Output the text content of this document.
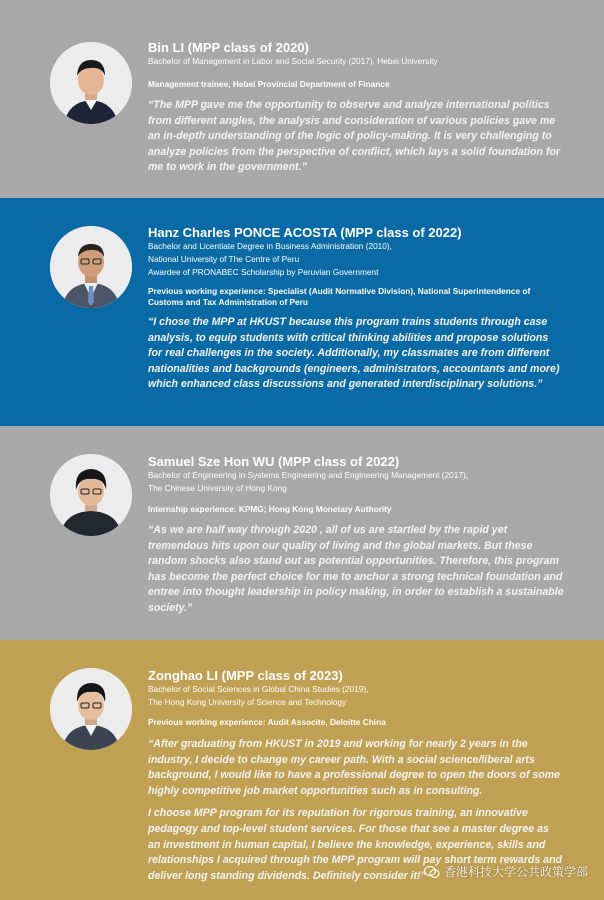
Bin LI (MPP class of 2020)

Bachelor of Management in Labor and Social Security (2017), Hebei University

Management trainee, Hebei Provincial Department of Finance

“The MPP gave me the opportunity to observe and analyze international politics from different angles, the analysis and consideration of various policies gave me an in-depth understanding of the logic of policy-making. It is very challenging to analyze policies from the perspective of conflict, which lays a solid foundation for me to work in the government.”

Hanz Charles PONCE ACOSTA (MPP class of 2022)

Bachelor and Licentiate Degree in Business Administration (2010),

National University of The Centre of Peru

Awardee of PRONABEC Scholarship by Peruvian Government

Previous working experience: Specialist (Audit Normative Division), National Superintendence of Customs and Tax Administration of Peru

“I chose the MPP at HKUST because this program trains students through case analysis, to equip students with critical thinking abilities and propose solutions for real challenges in the society. Additionally, my classmates are from different nationalities and backgrounds (engineers, administrators, accountants and more) which enhanced class discussions and generated interdisciplinary solutions.”

Samuel Sze Hon WU (MPP class of 2022)

Bachelor of Engineering in Systems Engineering and Engineering Management (2017),

The Chinese University of Hong Kong

Internship experience: KPMG; Hong Kong Monetary Authority

“As we are half way through 2020 , all of us are startled by the rapid yet tremendous hits upon our quality of living and the global markets. But these random shocks also stand out as potential opportunities. Therefore, this program has become the perfect choice for me to anchor a strong technical foundation and entree into thought leadership in policy making, in order to establish a sustainable society.”

Zonghao LI (MPP class of 2023)

Bachelor of Social Sciences in Global China Studies (2019),

The Hong Kong University of Science and Technology

Previous working experience: Audit Associte, Deloitte China

“After graduating from HKUST in 2019 and working for nearly 2 years in the industry, I decide to change my career path. With a social science/liberal arts background, I would like to have a professional degree to open the doors of some highly competitive job market opportunities such as in consulting.

I choose MPP program for its reputation for rigorous training, an innovative pedagogy and top-level student services. For those that see a master degree as an investment in human capital, I believe the knowledge, experience, skills and relationships I acquired through the MPP program will pay short term rewards and deliver long standing dividends. Definitely consider it!”	香港科技大学公共政策学部
